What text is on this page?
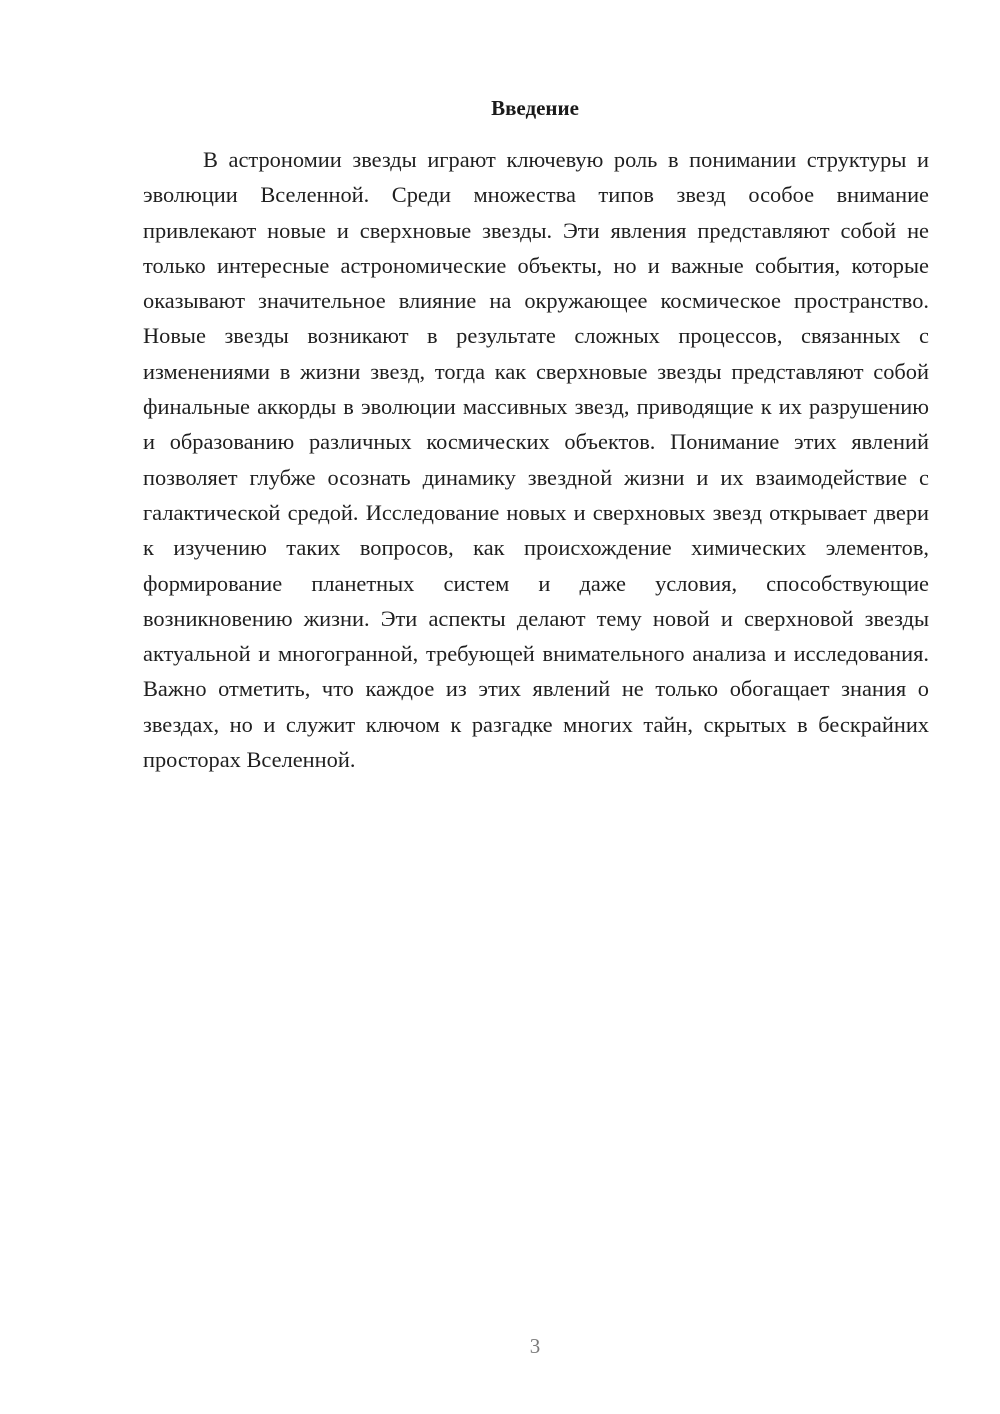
Введение

В астрономии звезды играют ключевую роль в понимании структуры и эволюции Вселенной. Среди множества типов звезд особое внимание привлекают новые и сверхновые звезды. Эти явления представляют собой не только интересные астрономические объекты, но и важные события, которые оказывают значительное влияние на окружающее космическое пространство. Новые звезды возникают в результате сложных процессов, связанных с изменениями в жизни звезд, тогда как сверхновые звезды представляют собой финальные аккорды в эволюции массивных звезд, приводящие к их разрушению и образованию различных космических объектов. Понимание этих явлений позволяет глубже осознать динамику звездной жизни и их взаимодействие с галактической средой. Исследование новых и сверхновых звезд открывает двери к изучению таких вопросов, как происхождение химических элементов, формирование планетных систем и даже условия, способствующие возникновению жизни. Эти аспекты делают тему новой и сверхновой звезды актуальной и многогранной, требующей внимательного анализа и исследования. Важно отметить, что каждое из этих явлений не только обогащает знания о звездах, но и служит ключом к разгадке многих тайн, скрытых в бескрайних просторах Вселенной.

3
